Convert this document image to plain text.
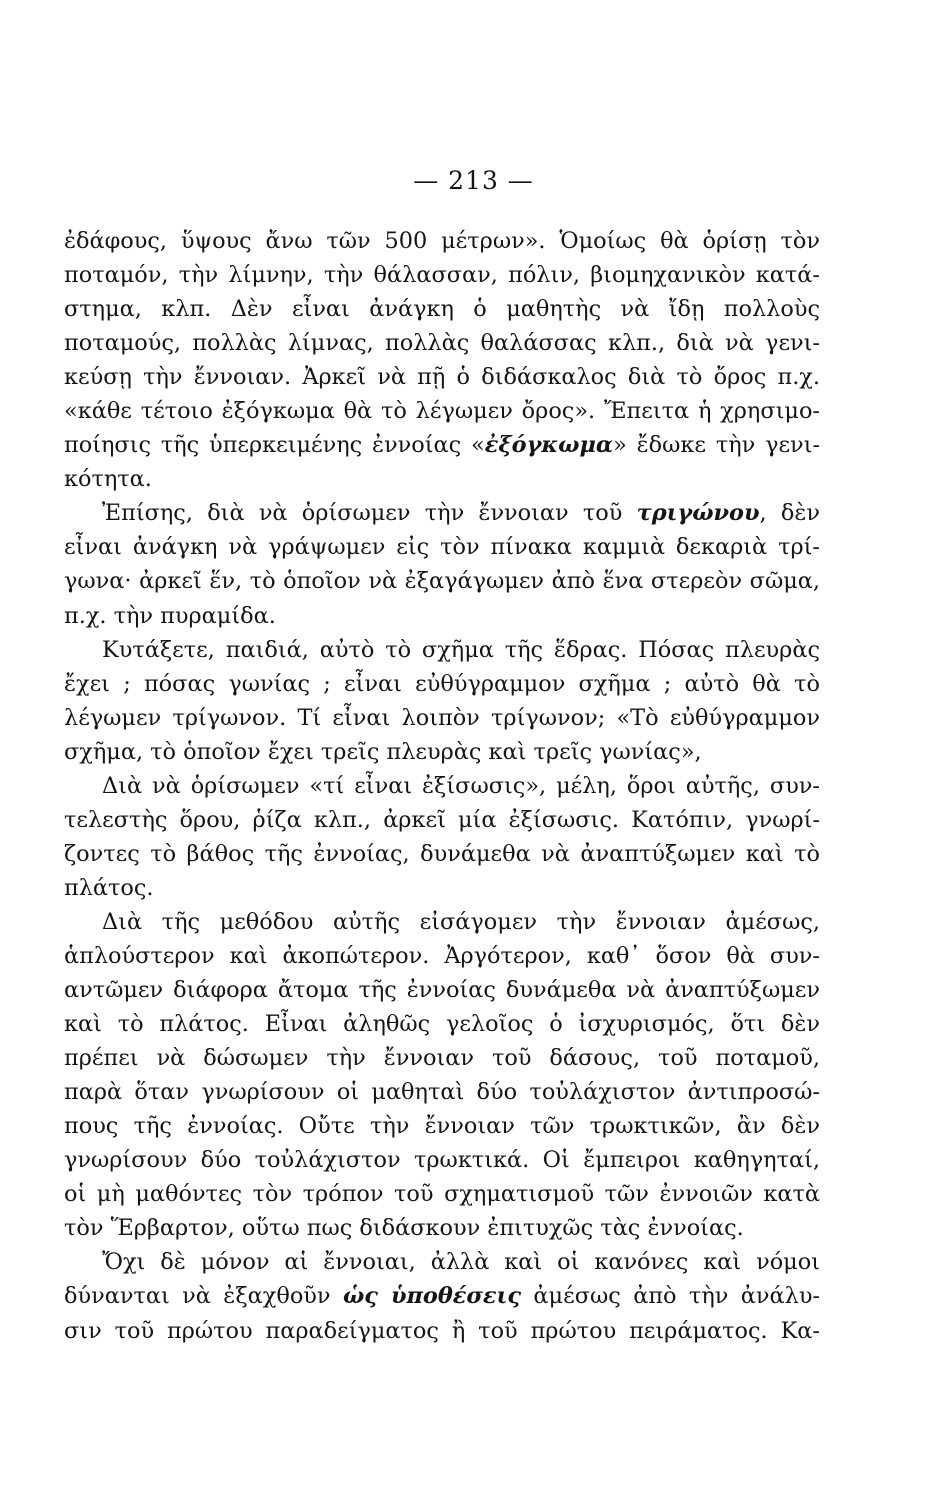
— 213 —
ἐδάφους, ὕψους ἄνω τῶν 500 μέτρων». Ὁμοίως θὰ ὁρίσῃ τὸν
ποταμόν, τὴν λίμνην, τὴν θάλασσαν, πόλιν, βιομηχανικὸν κατά-
στημα, κλπ. Δὲν εἶναι ἀνάγκη ὁ μαθητὴς νὰ ἴδῃ πολλοὺς
ποταμούς, πολλὰς λίμνας, πολλὰς θαλάσσας κλπ., διὰ νὰ γενι-
κεύσῃ τὴν ἔννοιαν. Ἀρκεῖ νὰ πῇ ὁ διδάσκαλος διὰ τὸ ὄρος π.χ.
«κάθε τέτοιο ἐξόγκωμα θὰ τὸ λέγωμεν ὄρος». Ἔπειτα ἡ χρησιμο-
ποίησις τῆς ὑπερκειμένης ἐννοίας «ἐξόγκωμα» ἔδωκε τὴν γενι-
κότητα.
Ἐπίσης, διὰ νὰ ὁρίσωμεν τὴν ἔννοιαν τοῦ τριγώνου, δὲν
εἶναι ἀνάγκη νὰ γράψωμεν εἰς τὸν πίνακα καμμιὰ δεκαριὰ τρί-
γωνα· ἀρκεῖ ἕν, τὸ ὁποῖον νὰ ἐξαγάγωμεν ἀπὸ ἕνα στερεὸν σῶμα,
π.χ. τὴν πυραμίδα.
Κυτάξετε, παιδιά, αὐτὸ τὸ σχῆμα τῆς ἕδρας. Πόσας πλευρὰς
ἔχει ; πόσας γωνίας ; εἶναι εὐθύγραμμον σχῆμα ; αὐτὸ θὰ τὸ
λέγωμεν τρίγωνον. Τί εἶναι λοιπὸν τρίγωνον; «Τὸ εὐθύγραμμον
σχῆμα, τὸ ὁποῖον ἔχει τρεῖς πλευρὰς καὶ τρεῖς γωνίας»,
Διὰ νὰ ὁρίσωμεν «τί εἶναι ἐξίσωσις», μέλη, ὅροι αὐτῆς, συν-
τελεστὴς ὅρου, ῥίζα κλπ., ἀρκεῖ μία ἐξίσωσις. Κατόπιν, γνωρί-
ζοντες τὸ βάθος τῆς ἐννοίας, δυνάμεθα νὰ ἀναπτύξωμεν καὶ τὸ
πλάτος.
Διὰ τῆς μεθόδου αὐτῆς εἰσάγομεν τὴν ἔννοιαν ἀμέσως,
ἁπλούστερον καὶ ἀκοπώτερον. Ἀργότερον, καθ᾽ ὅσον θὰ συν-
αντῶμεν διάφορα ἄτομα τῆς ἐννοίας δυνάμεθα νὰ ἀναπτύξωμεν
καὶ τὸ πλάτος. Εἶναι ἀληθῶς γελοῖος ὁ ἰσχυρισμός, ὅτι δὲν
πρέπει νὰ δώσωμεν τὴν ἔννοιαν τοῦ δάσους, τοῦ ποταμοῦ,
παρὰ ὅταν γνωρίσουν οἱ μαθηταὶ δύο τοὐλάχιστον ἀντιπροσώ-
πους τῆς ἐννοίας. Οὔτε τὴν ἔννοιαν τῶν τρωκτικῶν, ἂν δὲν
γνωρίσουν δύο τοὐλάχιστον τρωκτικά. Οἱ ἔμπειροι καθηγηταί,
οἱ μὴ μαθόντες τὸν τρόπον τοῦ σχηματισμοῦ τῶν ἐννοιῶν κατὰ
τὸν Ἕρβαρτον, οὕτω πως διδάσκουν ἐπιτυχῶς τὰς ἐννοίας.
Ὄχι δὲ μόνον αἱ ἔννοιαι, ἀλλὰ καὶ οἱ κανόνες καὶ νόμοι
δύνανται νὰ ἐξαχθοῦν ὡς ὑποθέσεις ἀμέσως ἀπὸ τὴν ἀνάλυ-
σιν τοῦ πρώτου παραδείγματος ἢ τοῦ πρώτου πειράματος. Κα-
